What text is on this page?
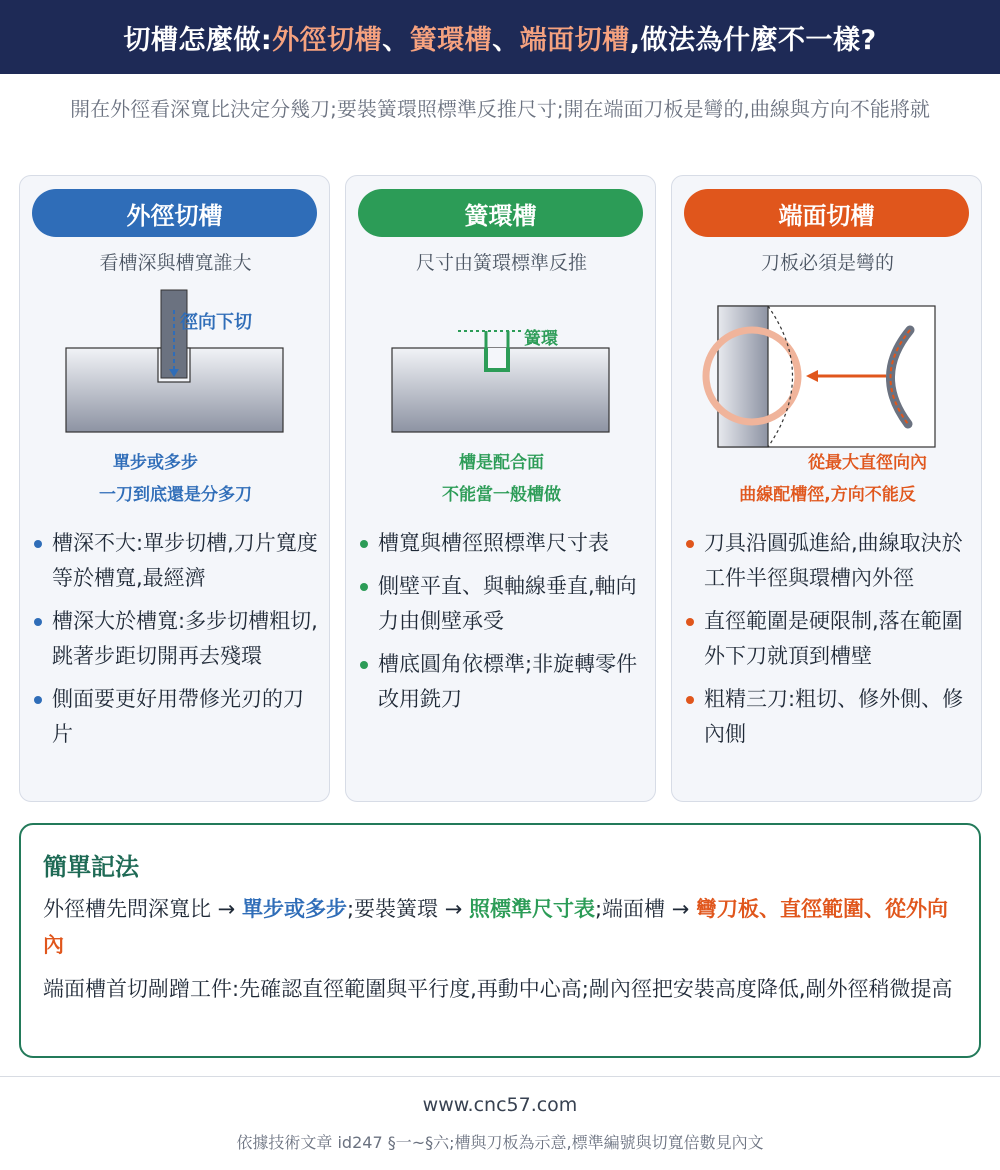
切槽怎麼做:外徑切槽、簧環槽、端面切槽,做法為什麼不一樣?
開在外徑看深寬比決定分幾刀;要裝簧環照標準反推尺寸;開在端面刀板是彎的,曲線與方向不能將就
外徑切槽
看槽深與槽寬誰大
徑向下切
單步或多步
一刀到底還是分多刀
槽深不大:單步切槽,刀片寬度等於槽寬,最經濟
槽深大於槽寬:多步切槽粗切,跳著步距切開再去殘環
側面要更好用帶修光刃的刀片
簧環槽
尺寸由簧環標準反推
簧環
槽是配合面
不能當一般槽做
槽寬與槽徑照標準尺寸表
側壁平直、與軸線垂直,軸向力由側壁承受
槽底圓角依標準;非旋轉零件改用銑刀
端面切槽
刀板必須是彎的
從最大直徑向內
曲線配槽徑,方向不能反
刀具沿圓弧進給,曲線取決於工件半徑與環槽內外徑
直徑範圍是硬限制,落在範圍外下刀就頂到槽壁
粗精三刀:粗切、修外側、修內側
簡單記法
外徑槽先問深寬比 → 單步或多步;要裝簧環 → 照標準尺寸表;端面槽 → 彎刀板、直徑範圍、從外向內
端面槽首切剮蹭工件:先確認直徑範圍與平行度,再動中心高;剮內徑把安裝高度降低,剮外徑稍微提高
www.cnc57.com
依據技術文章 id247 §一~§六;槽與刀板為示意,標準編號與切寬倍數見內文
